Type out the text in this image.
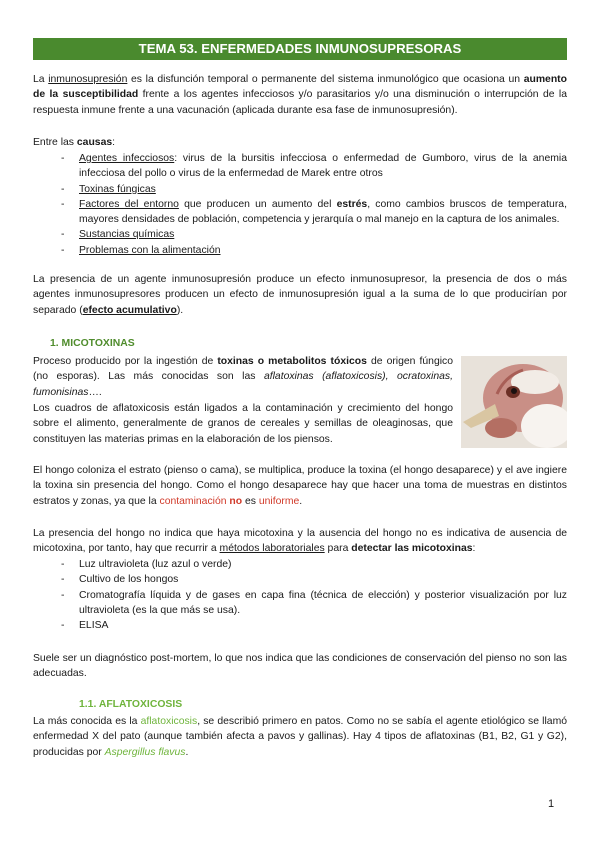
TEMA 53. ENFERMEDADES INMUNOSUPRESORAS

La inmunosupresión es la disfunción temporal o permanente del sistema inmunológico que ocasiona un aumento de la susceptibilidad frente a los agentes infecciosos y/o parasitarios y/o una disminución o interrupción de la respuesta inmune frente a una vacunación (aplicada durante esa fase de inmunosupresión).

Entre las causas:

- Agentes infecciosos: virus de la bursitis infecciosa o enfermedad de Gumboro, virus de la anemia infecciosa del pollo o virus de la enfermedad de Marek entre otros
- Toxinas fúngicas
- Factores del entorno que producen un aumento del estrés, como cambios bruscos de temperatura, mayores densidades de población, competencia y jerarquía o mal manejo en la captura de los animales.
- Sustancias químicas
- Problemas con la alimentación

La presencia de un agente inmunosupresión produce un efecto inmunosupresor, la presencia de dos o más agentes inmunosupresores producen un efecto de inmunosupresión igual a la suma de lo que producirían por separado (efecto acumulativo).

1. MICOTOXINAS

Proceso producido por la ingestión de toxinas o metabolitos tóxicos de origen fúngico (no esporas). Las más conocidas son las aflatoxinas (aflatoxicosis), ocratoxinas, fumonisinas….

Los cuadros de aflatoxicosis están ligados a la contaminación y crecimiento del hongo sobre el alimento, generalmente de granos de cereales y semillas de oleaginosas, que constituyen las materias primas en la elaboración de los piensos.

El hongo coloniza el estrato (pienso o cama), se multiplica, produce la toxina (el hongo desaparece) y el ave ingiere la toxina sin presencia del hongo. Como el hongo desaparece hay que hacer una toma de muestras en distintos estratos y zonas, ya que la contaminación no es uniforme.

La presencia del hongo no indica que haya micotoxina y la ausencia del hongo no es indicativa de ausencia de micotoxina, por tanto, hay que recurrir a métodos laboratoriales para detectar las micotoxinas:

- Luz ultravioleta (luz azul o verde)
- Cultivo de los hongos
- Cromatografía líquida y de gases en capa fina (técnica de elección) y posterior visualización por luz ultravioleta (es la que más se usa).
- ELISA

Suele ser un diagnóstico post-mortem, lo que nos indica que las condiciones de conservación del pienso no son las adecuadas.

1.1. AFLATOXICOSIS

La más conocida es la aflatoxicosis, se describió primero en patos. Como no se sabía el agente etiológico se llamó enfermedad X del pato (aunque también afecta a pavos y gallinas). Hay 4 tipos de aflatoxinas (B1, B2, G1 y G2), producidas por Aspergillus flavus.

1
